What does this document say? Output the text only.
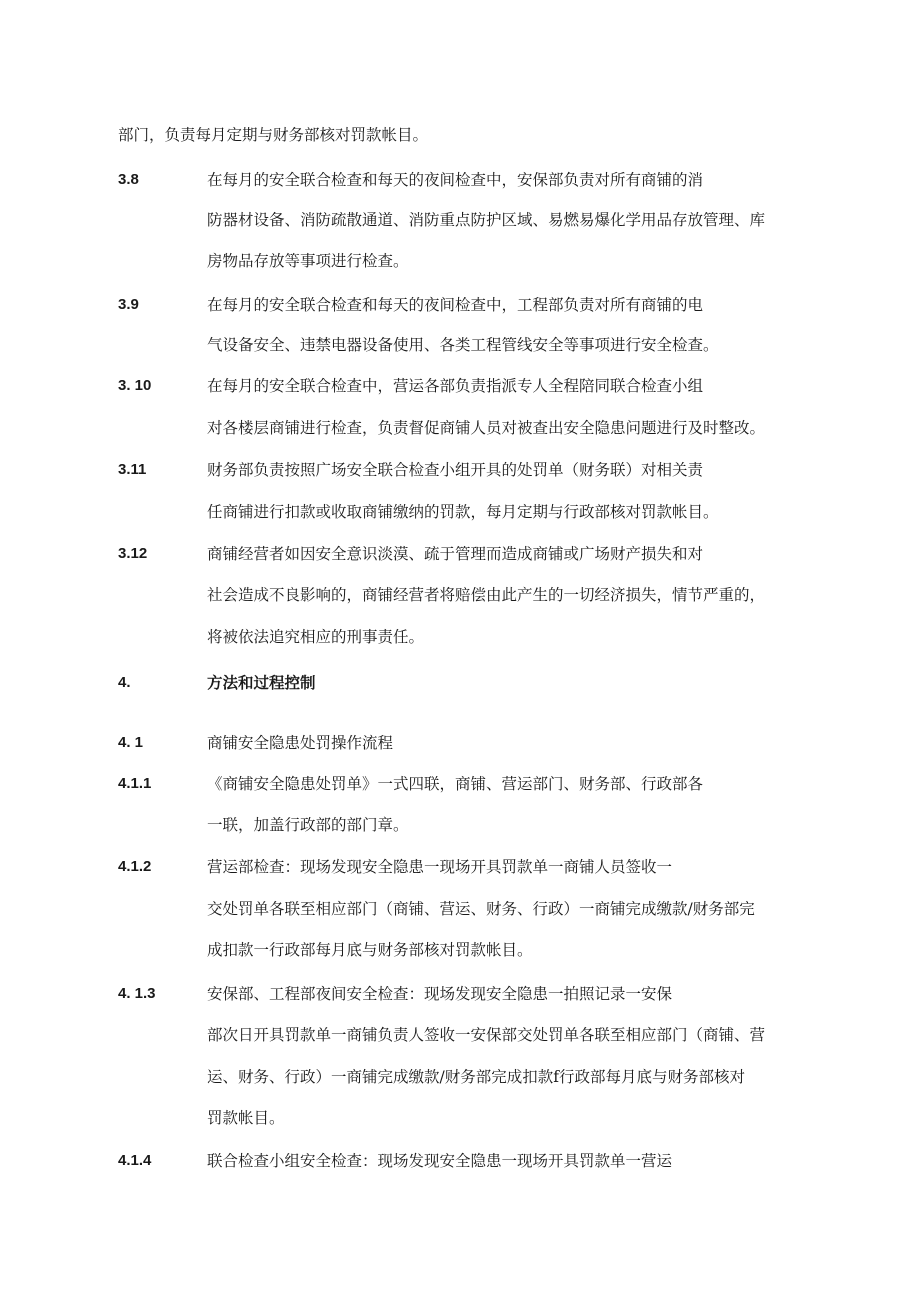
部门，负责每月定期与财务部核对罚款帐目。
3.8	在每月的安全联合检查和每天的夜间检查中，安保部负责对所有商铺的消
防器材设备、消防疏散通道、消防重点防护区域、易燃易爆化学用品存放管理、库
房物品存放等事项进行检查。
3.9	在每月的安全联合检查和每天的夜间检查中，工程部负责对所有商铺的电
气设备安全、违禁电器设备使用、各类工程管线安全等事项进行安全检查。
3. 10	在每月的安全联合检查中，营运各部负责指派专人全程陪同联合检查小组
对各楼层商铺进行检查，负责督促商铺人员对被查出安全隐患问题进行及时整改。
3.11	财务部负责按照广场安全联合检查小组开具的处罚单（财务联）对相关责
任商铺进行扣款或收取商铺缴纳的罚款，每月定期与行政部核对罚款帐目。
3.12	商铺经营者如因安全意识淡漠、疏于管理而造成商铺或广场财产损失和对
社会造成不良影响的，商铺经营者将赔偿由此产生的一切经济损失，情节严重的，
将被依法追究相应的刑事责任。
4.	方法和过程控制
4. 1	商铺安全隐患处罚操作流程
4.1.1	《商铺安全隐患处罚单》一式四联，商铺、营运部门、财务部、行政部各
一联，加盖行政部的部门章。
4.1.2	营运部检查：现场发现安全隐患一现场开具罚款单一商铺人员签收一
交处罚单各联至相应部门（商铺、营运、财务、行政）一商铺完成缴款/财务部完
成扣款一行政部每月底与财务部核对罚款帐目。
4. 1.3	安保部、工程部夜间安全检查：现场发现安全隐患一拍照记录一安保
部次日开具罚款单一商铺负责人签收一安保部交处罚单各联至相应部门（商铺、营
运、财务、行政）一商铺完成缴款/财务部完成扣款f行政部每月底与财务部核对
罚款帐目。
4.1.4	联合检查小组安全检查：现场发现安全隐患一现场开具罚款单一营运
